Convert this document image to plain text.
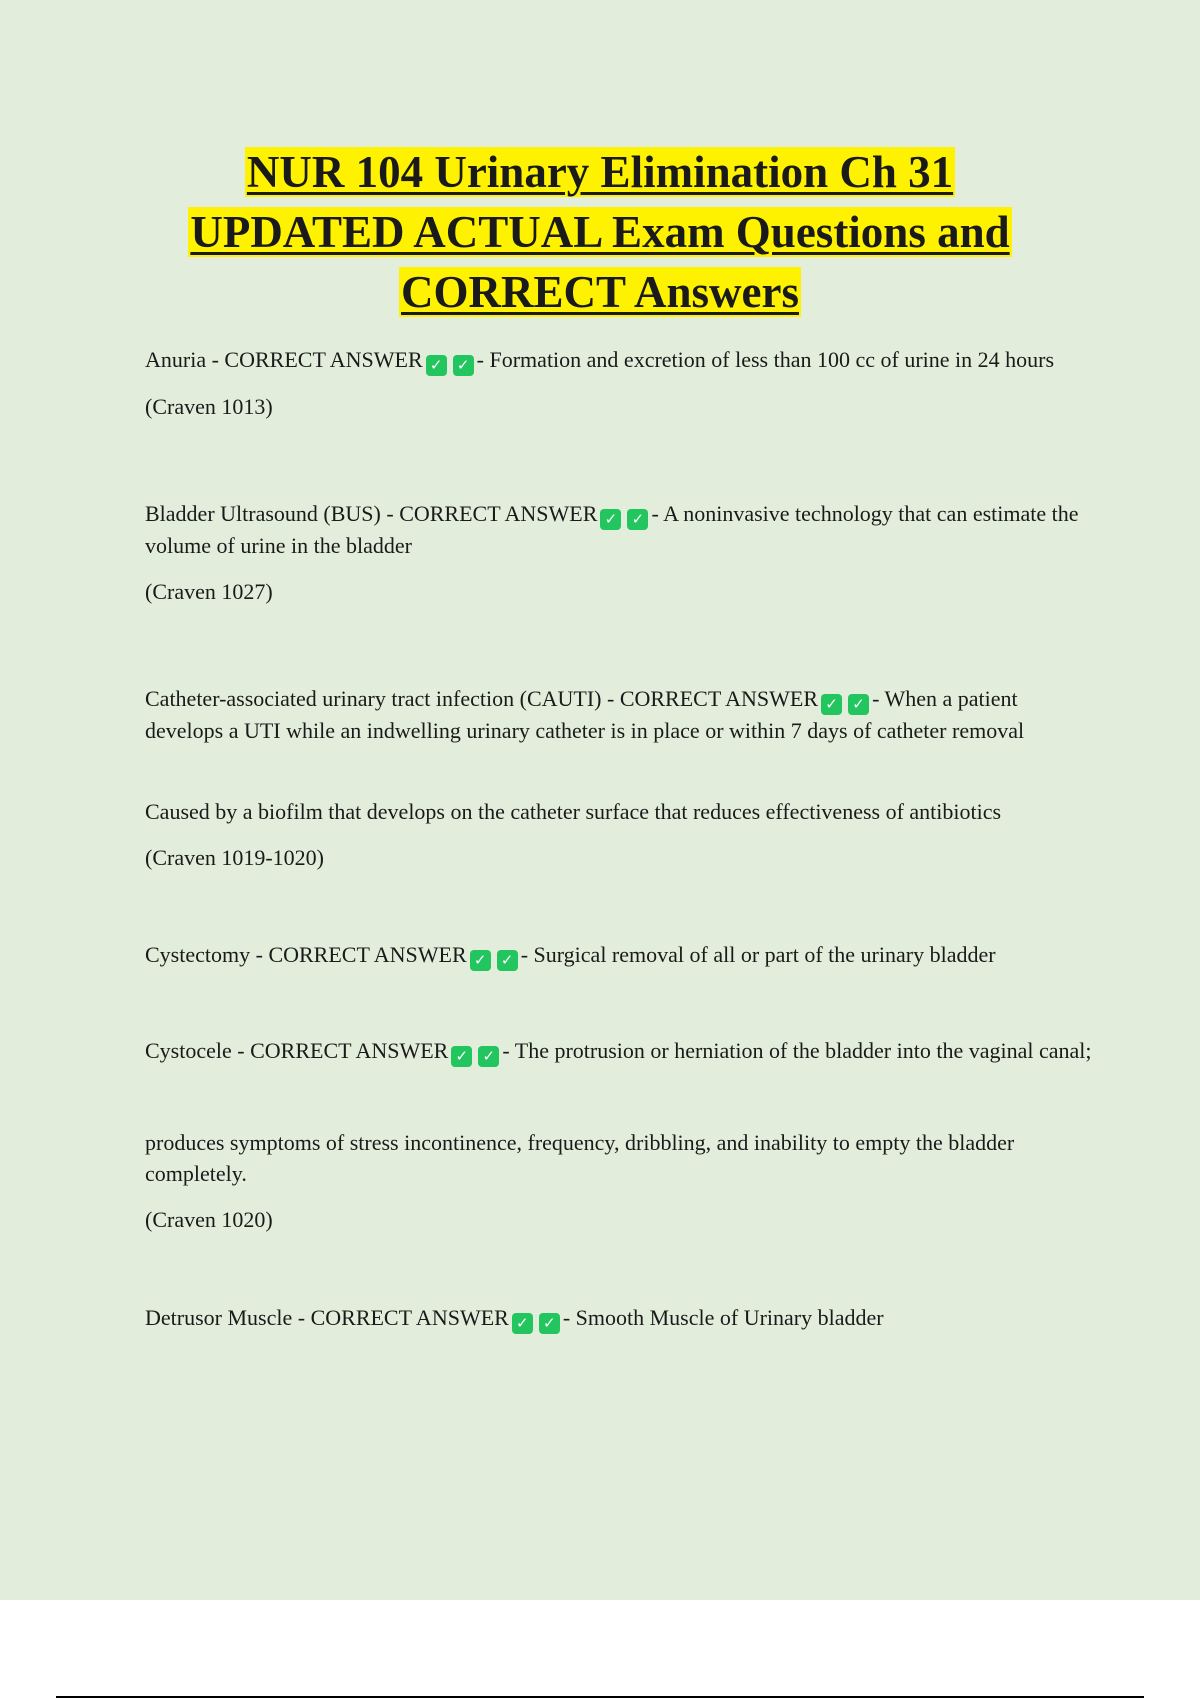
NUR 104 Urinary Elimination Ch 31
UPDATED ACTUAL Exam Questions and
CORRECT Answers

Anuria - CORRECT ANSWER ✓ ✓ - Formation and excretion of less than 100 cc of urine in 24 hours

(Craven 1013)

Bladder Ultrasound (BUS) - CORRECT ANSWER ✓ ✓ - A noninvasive technology that can estimate the volume of urine in the bladder

(Craven 1027)

Catheter-associated urinary tract infection (CAUTI) - CORRECT ANSWER ✓ ✓ - When a patient develops a UTI while an indwelling urinary catheter is in place or within 7 days of catheter removal

Caused by a biofilm that develops on the catheter surface that reduces effectiveness of antibiotics

(Craven 1019-1020)

Cystectomy - CORRECT ANSWER ✓ ✓ - Surgical removal of all or part of the urinary bladder

Cystocele - CORRECT ANSWER ✓ ✓ - The protrusion or herniation of the bladder into the vaginal canal;

produces symptoms of stress incontinence, frequency, dribbling, and inability to empty the bladder completely.

(Craven 1020)

Detrusor Muscle - CORRECT ANSWER ✓ ✓ - Smooth Muscle of Urinary bladder
